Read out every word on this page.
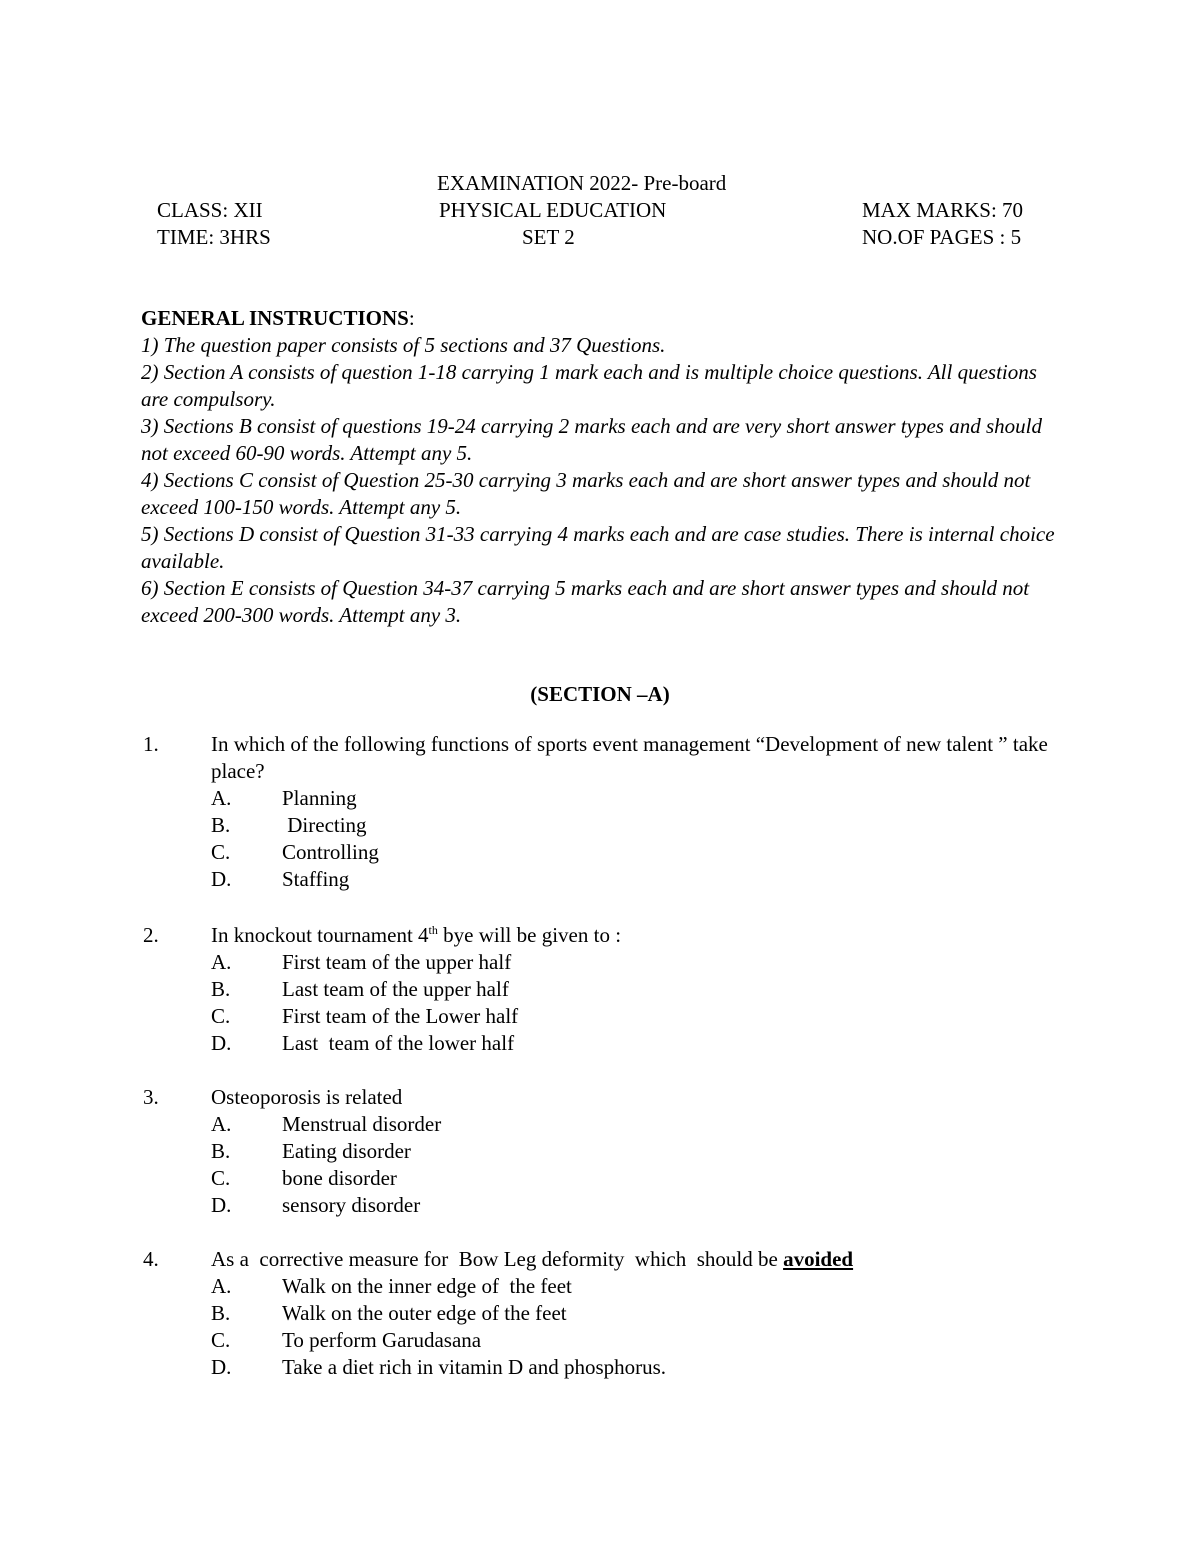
EXAMINATION 2022- Pre-board
CLASS: XII	PHYSICAL EDUCATION	MAX MARKS: 70
TIME: 3HRS	SET 2	NO.OF PAGES : 5
GENERAL INSTRUCTIONS:
1) The question paper consists of 5 sections and 37 Questions.
2) Section A consists of question 1-18 carrying 1 mark each and is multiple choice questions. All questions are compulsory.
3) Sections B consist of questions 19-24 carrying 2 marks each and are very short answer types and should not exceed 60-90 words. Attempt any 5.
4) Sections C consist of Question 25-30 carrying 3 marks each and are short answer types and should not exceed 100-150 words. Attempt any 5.
5) Sections D consist of Question 31-33 carrying 4 marks each and are case studies. There is internal choice available.
6) Section E consists of Question 34-37 carrying 5 marks each and are short answer types and should not exceed 200-300 words. Attempt any 3.
(SECTION –A)
1. In which of the following functions of sports event management “Development of new talent ” take place?
A. Planning
B. Directing
C. Controlling
D. Staffing
2. In knockout tournament 4th bye will be given to :
A. First team of the upper half
B. Last team of the upper half
C. First team of the Lower half
D. Last  team of the lower half
3. Osteoporosis is related
A. Menstrual disorder
B. Eating disorder
C. bone disorder
D. sensory disorder
4. As a  corrective measure for  Bow Leg deformity  which  should be avoided
A. Walk on the inner edge of  the feet
B. Walk on the outer edge of the feet
C. To perform Garudasana
D. Take a diet rich in vitamin D and phosphorus.
